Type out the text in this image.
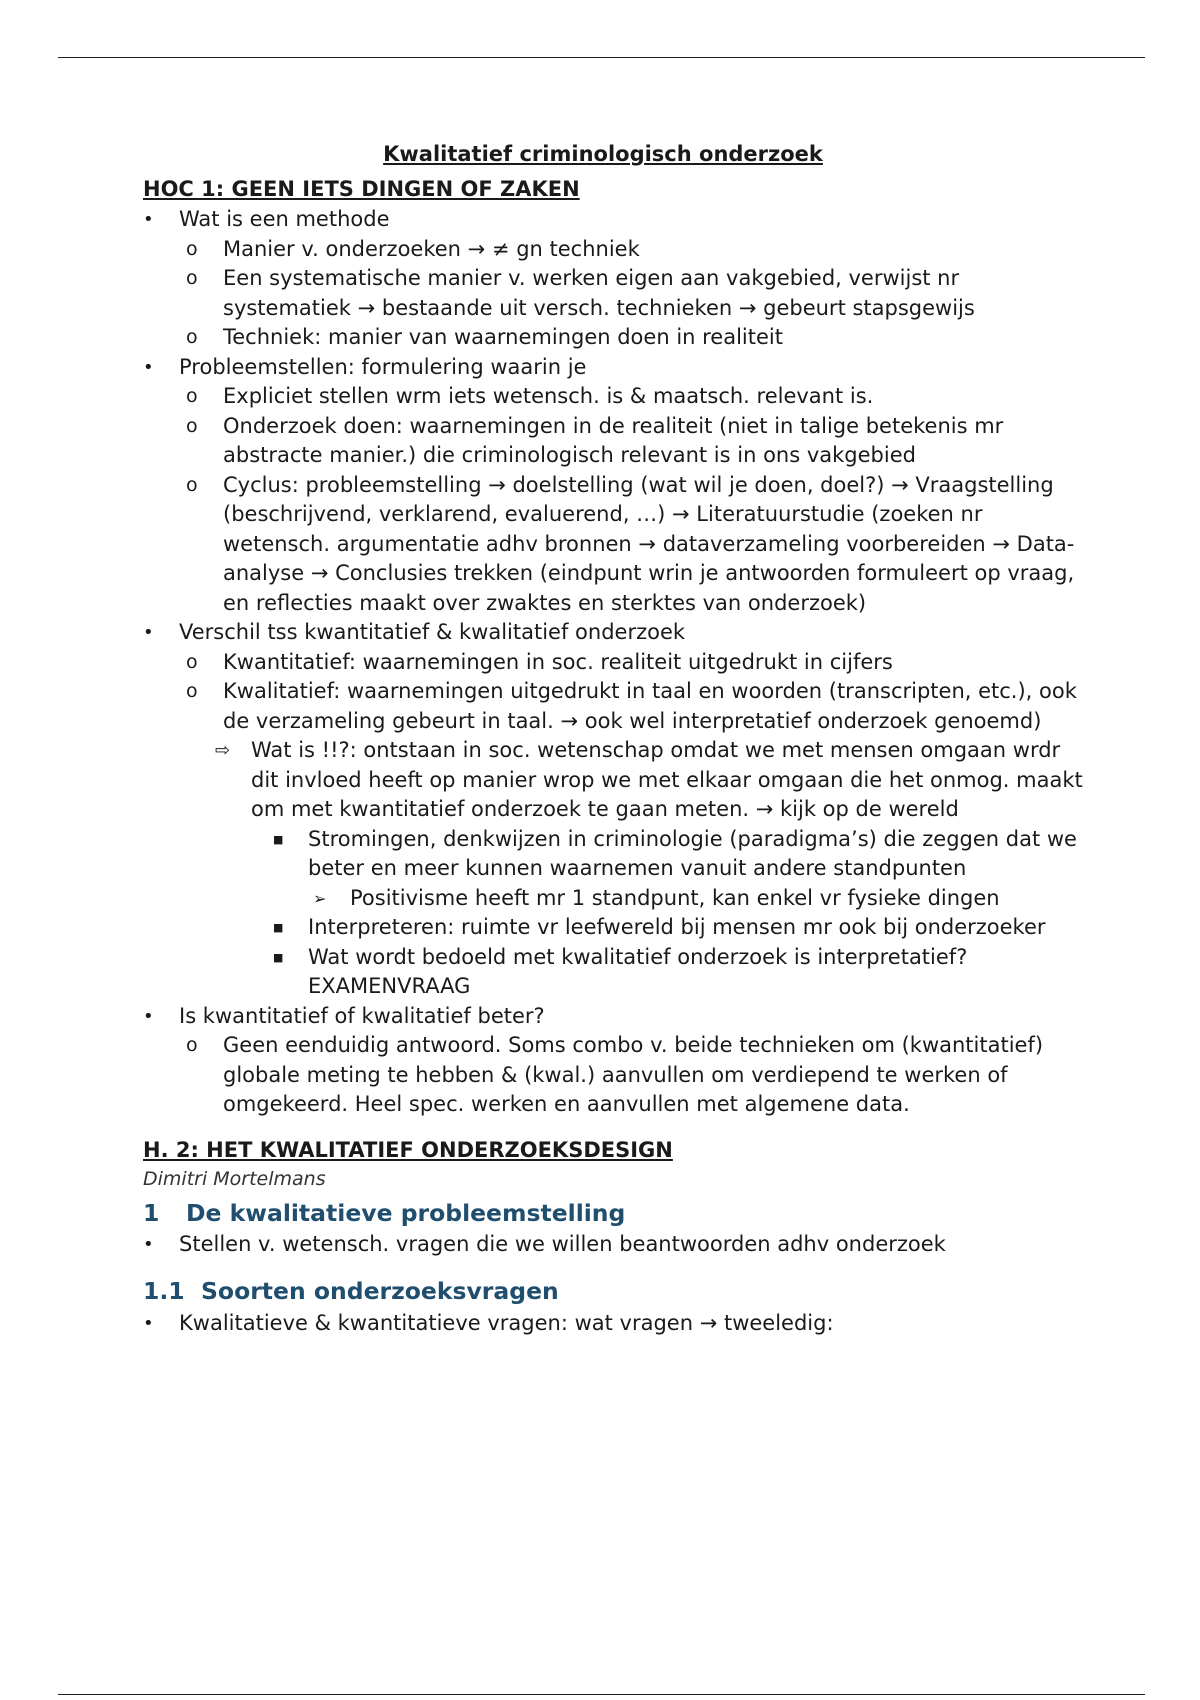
Kwalitatief criminologisch onderzoek
HOC 1: GEEN IETS DINGEN OF ZAKEN
• Wat is een methode
o Manier v. onderzoeken → ≠ gn techniek
o Een systematische manier v. werken eigen aan vakgebied, verwijst nr systematiek → bestaande uit versch. technieken → gebeurt stapsgewijs
o Techniek: manier van waarnemingen doen in realiteit
• Probleemstellen: formulering waarin je
o Expliciet stellen wrm iets wetensch. is & maatsch. relevant is.
o Onderzoek doen: waarnemingen in de realiteit (niet in talige betekenis mr abstracte manier.) die criminologisch relevant is in ons vakgebied
o Cyclus: probleemstelling → doelstelling (wat wil je doen, doel?) → Vraagstelling (beschrijvend, verklarend, evaluerend, …) → Literatuurstudie (zoeken nr wetensch. argumentatie adhv bronnen → dataverzameling voorbereiden → Data-analyse → Conclusies trekken (eindpunt wrin je antwoorden formuleert op vraag, en reflecties maakt over zwaktes en sterktes van onderzoek)
• Verschil tss kwantitatief & kwalitatief onderzoek
o Kwantitatief: waarnemingen in soc. realiteit uitgedrukt in cijfers
o Kwalitatief: waarnemingen uitgedrukt in taal en woorden (transcripten, etc.), ook de verzameling gebeurt in taal. → ook wel interpretatief onderzoek genoemd)
⇨ Wat is !!?: ontstaan in soc. wetenschap omdat we met mensen omgaan wrdr dit invloed heeft op manier wrop we met elkaar omgaan die het onmog. maakt om met kwantitatief onderzoek te gaan meten. → kijk op de wereld
■ Stromingen, denkwijzen in criminologie (paradigma’s) die zeggen dat we beter en meer kunnen waarnemen vanuit andere standpunten
➢ Positivisme heeft mr 1 standpunt, kan enkel vr fysieke dingen
■ Interpreteren: ruimte vr leefwereld bij mensen mr ook bij onderzoeker
■ Wat wordt bedoeld met kwalitatief onderzoek is interpretatief? EXAMENVRAAG
• Is kwantitatief of kwalitatief beter?
o Geen eenduidig antwoord. Soms combo v. beide technieken om (kwantitatief) globale meting te hebben & (kwal.) aanvullen om verdiepend te werken of omgekeerd. Heel spec. werken en aanvullen met algemene data.
H. 2: HET KWALITATIEF ONDERZOEKSDESIGN
Dimitri Mortelmans
1 De kwalitatieve probleemstelling
• Stellen v. wetensch. vragen die we willen beantwoorden adhv onderzoek
1.1 Soorten onderzoeksvragen
• Kwalitatieve & kwantitatieve vragen: wat vragen → tweeledig:
